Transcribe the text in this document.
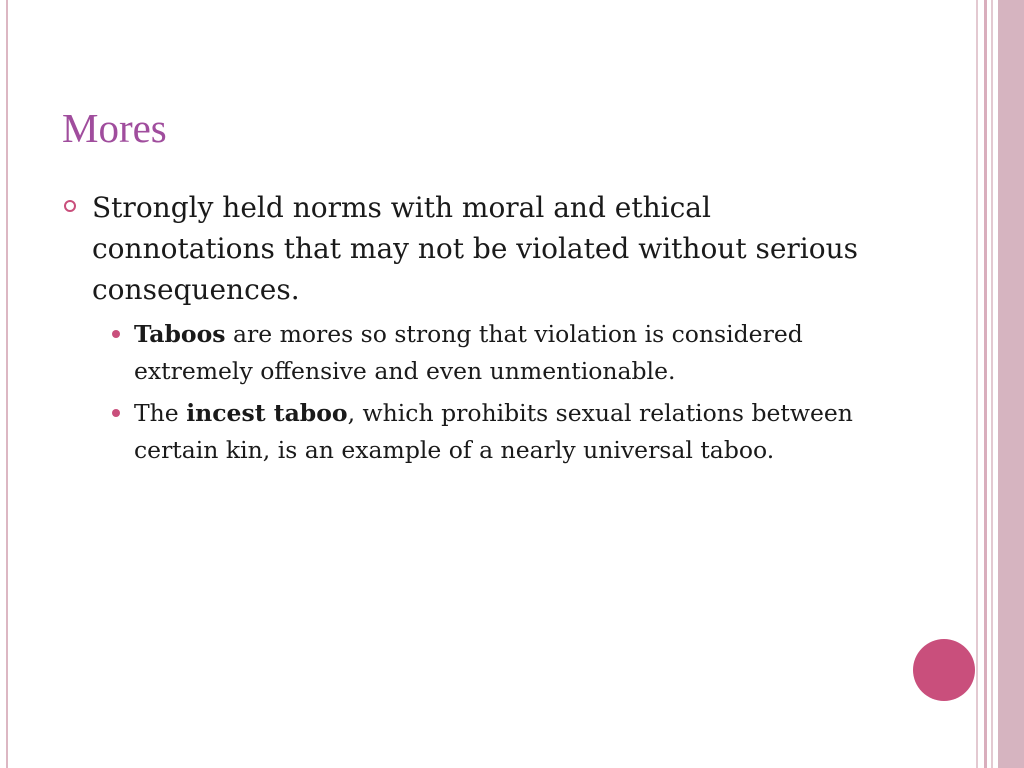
Mores
Strongly held norms with moral and ethical connotations that may not be violated without serious consequences.
Taboos are mores so strong that violation is considered extremely offensive and even unmentionable.
The incest taboo, which prohibits sexual relations between certain kin, is an example of a nearly universal taboo.
